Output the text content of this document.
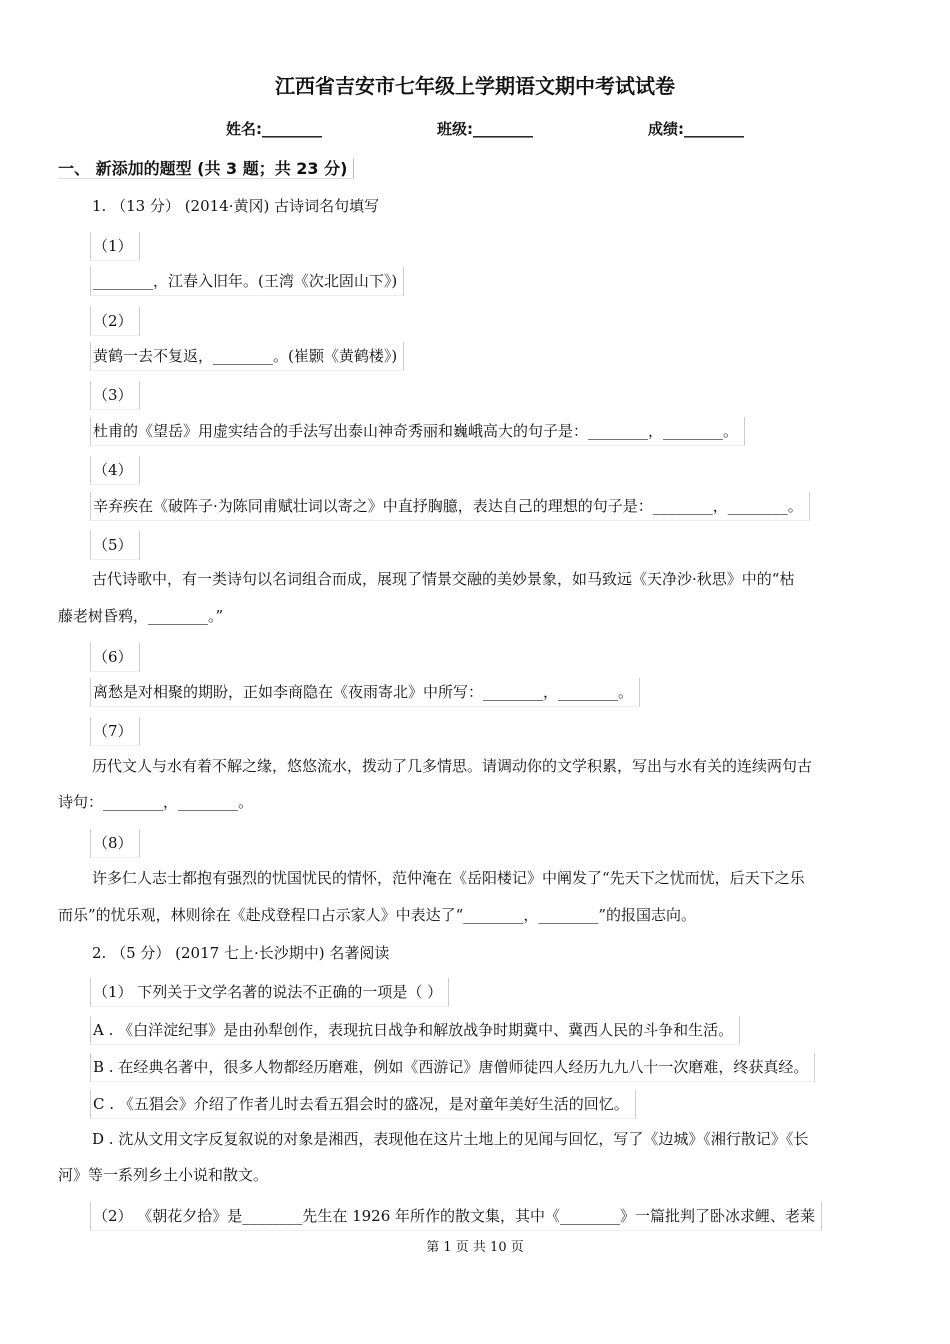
江西省吉安市七年级上学期语文期中考试试卷
姓名:________	班级:________	成绩:________
一、 新添加的题型 (共 3 题；共 23 分)
1. （13 分） (2014·黄冈) 古诗词名句填写
（1）
________，江春入旧年。(王湾《次北固山下》)
（2）
黄鹤一去不复返，________。(崔颢《黄鹤楼》)
（3）
杜甫的《望岳》用虚实结合的手法写出泰山神奇秀丽和巍峨高大的句子是：________，________。
（4）
辛弃疾在《破阵子·为陈同甫赋壮词以寄之》中直抒胸臆，表达自己的理想的句子是：________，________。
（5）
古代诗歌中，有一类诗句以名词组合而成，展现了情景交融的美妙景象，如马致远《天净沙·秋思》中的“枯
藤老树昏鸦，________。”
（6）
离愁是对相聚的期盼，正如李商隐在《夜雨寄北》中所写：________，________。
（7）
历代文人与水有着不解之缘，悠悠流水，拨动了几多情思。请调动你的文学积累，写出与水有关的连续两句古
诗句：________，________。
（8）
许多仁人志士都抱有强烈的忧国忧民的情怀，范仲淹在《岳阳楼记》中阐发了“先天下之忧而忧，后天下之乐
而乐”的忧乐观，林则徐在《赴戍登程口占示家人》中表达了“________，________”的报国志向。
2. （5 分） (2017 七上·长沙期中) 名著阅读
（1） 下列关于文学名著的说法不正确的一项是（ ）
A . 《白洋淀纪事》是由孙犁创作，表现抗日战争和解放战争时期冀中、冀西人民的斗争和生活。
B . 在经典名著中，很多人物都经历磨难，例如《西游记》唐僧师徒四人经历九九八十一次磨难，终获真经。
C . 《五猖会》介绍了作者儿时去看五猖会时的盛况，是对童年美好生活的回忆。
D . 沈从文用文字反复叙说的对象是湘西，表现他在这片土地上的见闻与回忆，写了《边城》《湘行散记》《长
河》等一系列乡土小说和散文。
（2） 《朝花夕拾》是________先生在 1926 年所作的散文集，其中《________》一篇批判了卧冰求鲤、老莱
第 1 页 共 10 页
